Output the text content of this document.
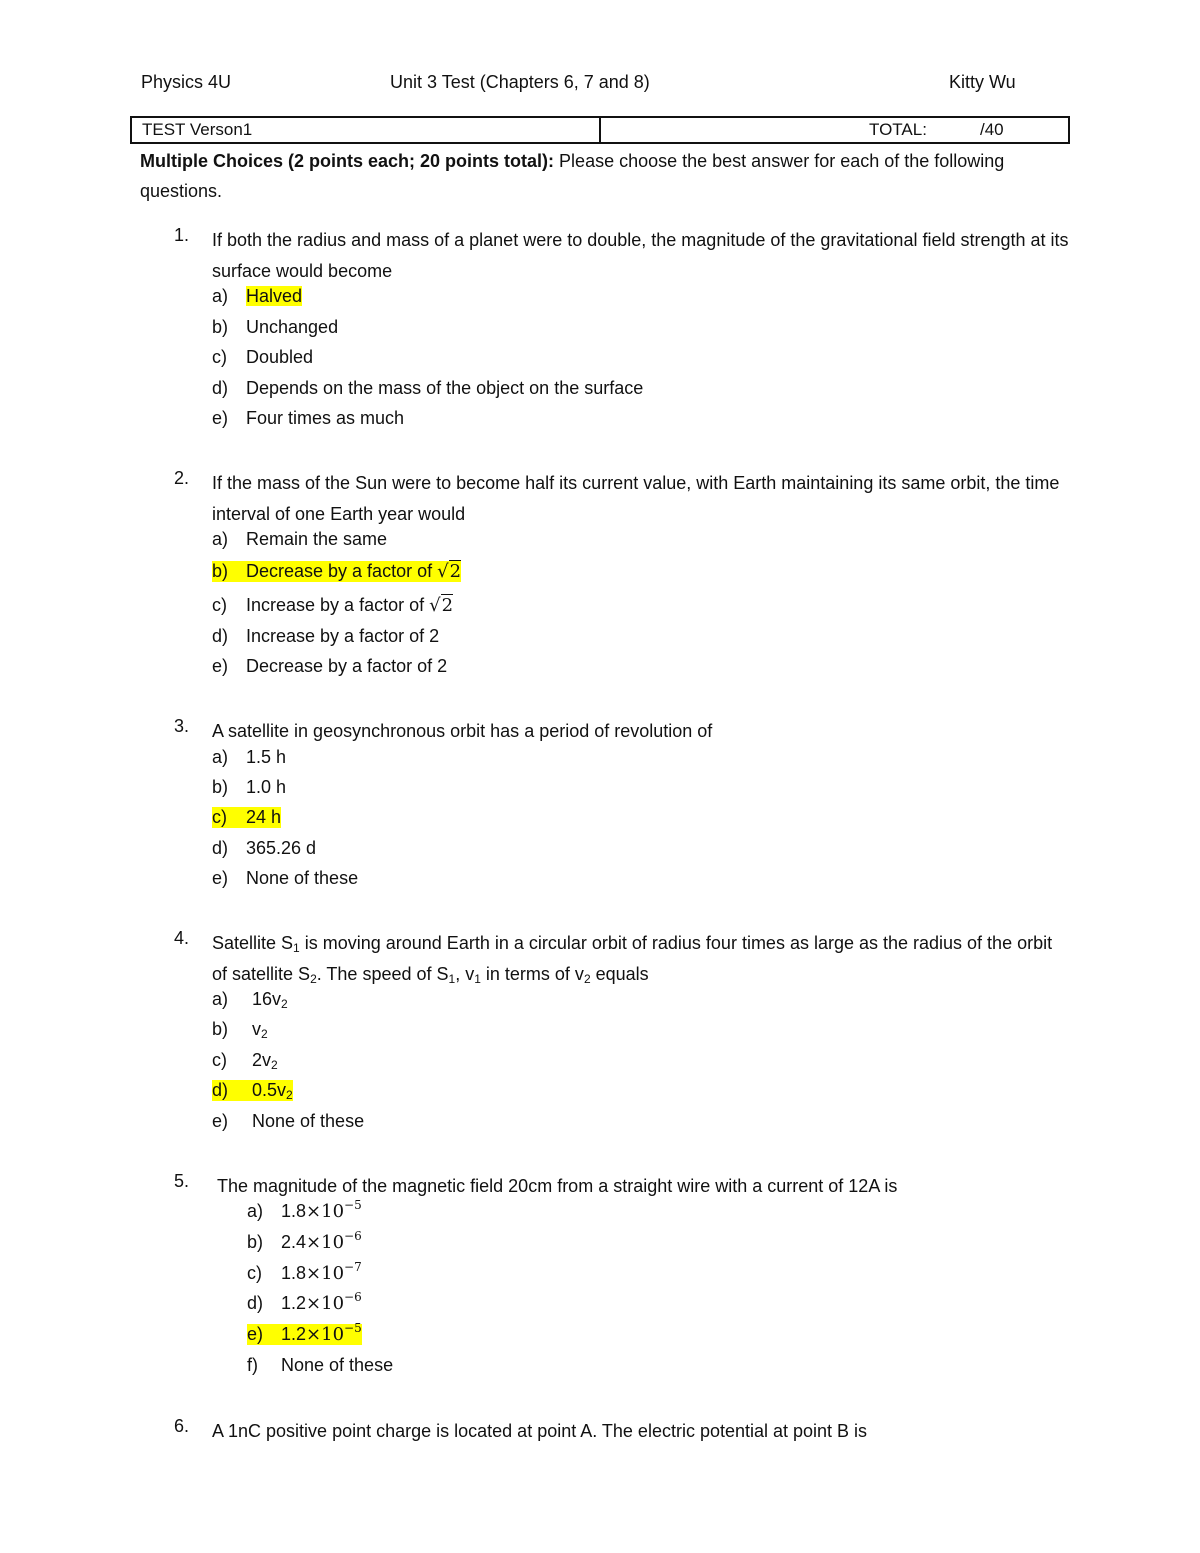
Physics 4U	Unit 3 Test (Chapters 6, 7 and 8)	Kitty Wu
TEST Verson1	TOTAL:	/40
Multiple Choices (2 points each; 20 points total): Please choose the best answer for each of the following questions.
1.	If both the radius and mass of a planet were to double, the magnitude of the gravitational field strength at its surface would become
a) Halved
b) Unchanged
c) Doubled
d) Depends on the mass of the object on the surface
e) Four times as much
2.	If the mass of the Sun were to become half its current value, with Earth maintaining its same orbit, the time interval of one Earth year would
a) Remain the same
b) Decrease by a factor of √2
c) Increase by a factor of √2
d) Increase by a factor of 2
e) Decrease by a factor of 2
3.	A satellite in geosynchronous orbit has a period of revolution of
a) 1.5 h
b) 1.0 h
c) 24 h
d) 365.26 d
e) None of these
4.	Satellite $S_1$ is moving around Earth in a circular orbit of radius four times as large as the radius of the orbit of satellite $S_2$. The speed of $S_1$, $v_1$ in terms of $v_2$ equals
a) $16v_2$
b) $v_2$
c) $2v_2$
d) $0.5v_2$
e) None of these
5.	The magnitude of the magnetic field 20cm from a straight wire with a current of 12A is
a) $1.8\times 10^{-5}$
b) $2.4\times 10^{-6}$
c) $1.8\times 10^{-7}$
d) $1.2\times 10^{-6}$
e) $1.2\times 10^{-5}$
f) None of these
6.	A 1nC positive point charge is located at point A. The electric potential at point B is
